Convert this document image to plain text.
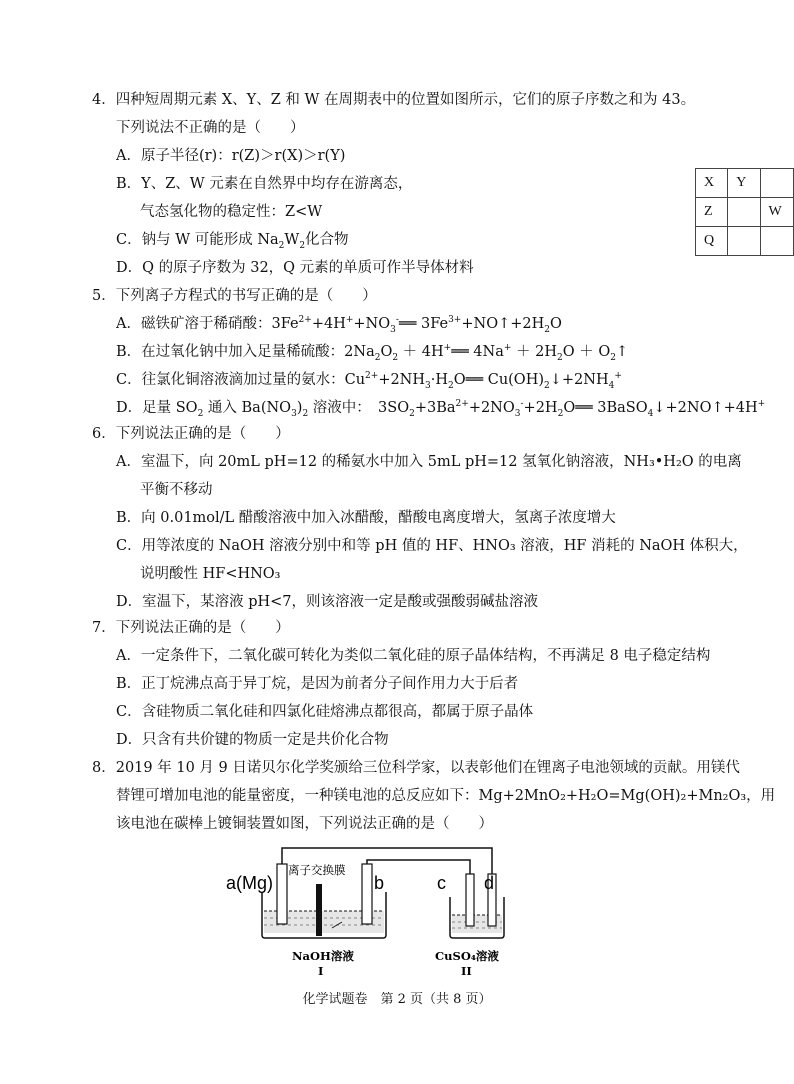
4．四种短周期元素 X、Y、Z 和 W 在周期表中的位置如图所示，它们的原子序数之和为 43。
下列说法不正确的是（　　）
A．原子半径(r)：r(Z)＞r(X)＞r(Y)
B．Y、Z、W 元素在自然界中均存在游离态，
气态氢化物的稳定性：Z<W
C．钠与 W 可能形成 $Na_2W_2$化合物
D．Q 的原子序数为 32，Q 元素的单质可作半导体材料
X	Y	
Z		W
Q		
5．下列离子方程式的书写正确的是（　　）
A．磁铁矿溶于稀硝酸：$3Fe^{2+}+4H^++NO_3^-══$ $3Fe^{3+}+NO↑+2H_2O$
B．在过氧化钠中加入足量稀硫酸：$2Na_2O_2$ ＋ 4H+══ $4Na^+ + 2H_2O$ ＋ $O_2↑$
C．往氯化铜溶液滴加过量的氨水：$Cu^{2+}+2NH_3\cdot H_2O══$ $Cu(OH)_2↓+2NH_4^+$
D．足量 $SO_2$ 通入 $Ba(NO_3)_2$ 溶液中：　$3SO_2+3Ba^{2+}+2NO_3^-+2H_2O══$ 3BaSO$_4$↓+2NO↑+4H+
6．下列说法正确的是（　　）
A．室温下，向 20mL pH=12 的稀氨水中加入 5mL pH=12 氢氧化钠溶液，NH₃•H₂O 的电离
平衡不移动
B．向 0.01mol/L 醋酸溶液中加入冰醋酸，醋酸电离度增大，氢离子浓度增大
C．用等浓度的 NaOH 溶液分别中和等 pH 值的 HF、HNO₃ 溶液，HF 消耗的 NaOH 体积大，
说明酸性 HF<HNO₃
D．室温下，某溶液 pH<7，则该溶液一定是酸或强酸弱碱盐溶液
7．下列说法正确的是（　　）
A．一定条件下，二氧化碳可转化为类似二氧化硅的原子晶体结构，不再满足 8 电子稳定结构
B．正丁烷沸点高于异丁烷，是因为前者分子间作用力大于后者
C．含硅物质二氧化硅和四氯化硅熔沸点都很高，都属于原子晶体
D．只含有共价键的物质一定是共价化合物
8．2019 年 10 月 9 日诺贝尔化学奖颁给三位科学家，以表彰他们在锂离子电池领域的贡献。用镁代
替锂可增加电池的能量密度，一种镁电池的总反应如下：Mg+2MnO₂+H₂O=Mg(OH)₂+Mn₂O₃，用
该电池在碳棒上镀铜装置如图，下列说法正确的是（　　）
a(Mg)	b	c d
离子交换膜
NaOH溶液
I
CuSO₄溶液
II
化学试题卷　第 2 页（共 8 页）
